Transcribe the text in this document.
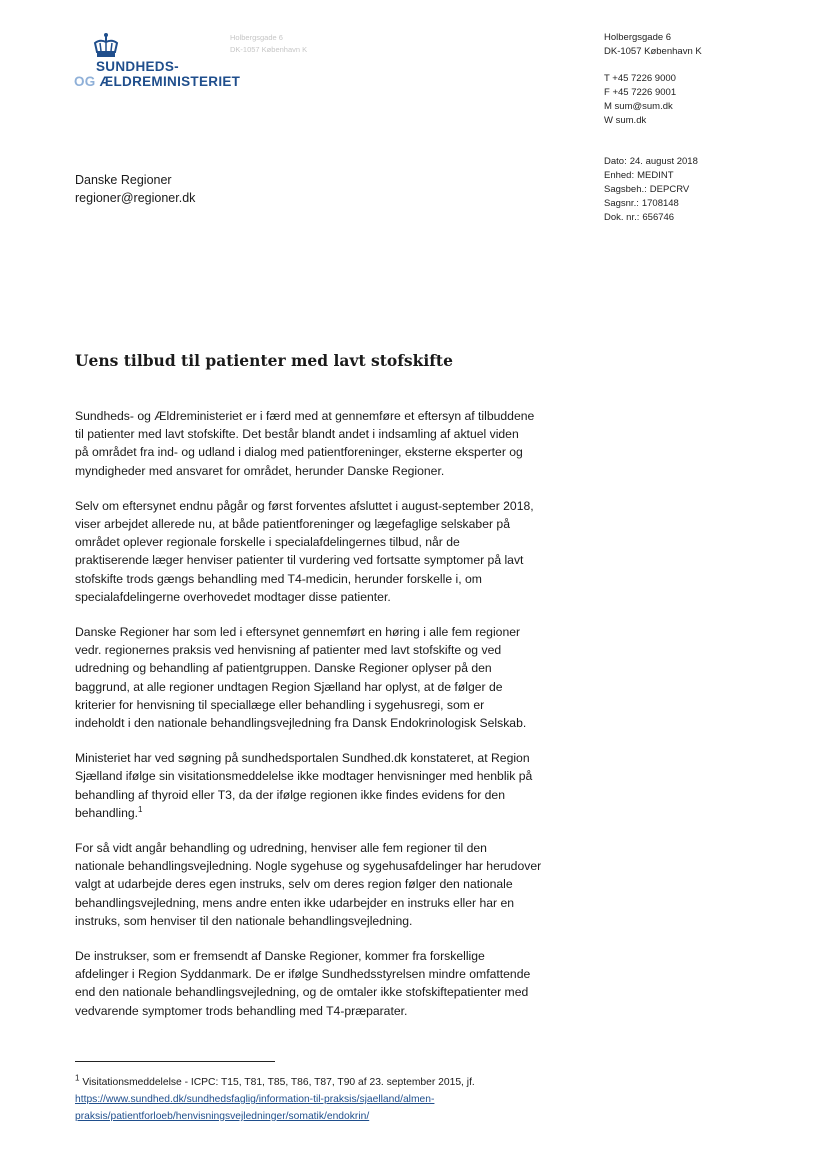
SUNDHEDS-
OG ÆLDREMINISTERIET
Holbergsgade 6
DK-1057 København K
Holbergsgade 6
DK-1057 København K
T +45 7226 9000
F +45 7226 9001
M sum@sum.dk
W sum.dk
Dato: 24. august 2018
Enhed: MEDINT
Sagsbeh.: DEPCRV
Sagsnr.: 1708148
Dok. nr.: 656746
Danske Regioner
regioner@regioner.dk
Uens tilbud til patienter med lavt stofskifte
Sundheds- og Ældreministeriet er i færd med at gennemføre et eftersyn af tilbuddene
til patienter med lavt stofskifte. Det består blandt andet i indsamling af aktuel viden
på området fra ind- og udland i dialog med patientforeninger, eksterne eksperter og
myndigheder med ansvaret for området, herunder Danske Regioner.
Selv om eftersynet endnu pågår og først forventes afsluttet i august-september 2018,
viser arbejdet allerede nu, at både patientforeninger og lægefaglige selskaber på
området oplever regionale forskelle i specialafdelingernes tilbud, når de
praktiserende læger henviser patienter til vurdering ved fortsatte symptomer på lavt
stofskifte trods gængs behandling med T4-medicin, herunder forskelle i, om
specialafdelingerne overhovedet modtager disse patienter.
Danske Regioner har som led i eftersynet gennemført en høring i alle fem regioner
vedr. regionernes praksis ved henvisning af patienter med lavt stofskifte og ved
udredning og behandling af patientgruppen. Danske Regioner oplyser på den
baggrund, at alle regioner undtagen Region Sjælland har oplyst, at de følger de
kriterier for henvisning til speciallæge eller behandling i sygehusregi, som er
indeholdt i den nationale behandlingsvejledning fra Dansk Endokrinologisk Selskab.
Ministeriet har ved søgning på sundhedsportalen Sundhed.dk konstateret, at Region
Sjælland ifølge sin visitationsmeddelelse ikke modtager henvisninger med henblik på
behandling af thyroid eller T3, da der ifølge regionen ikke findes evidens for den
behandling.$^1$
For så vidt angår behandling og udredning, henviser alle fem regioner til den
nationale behandlingsvejledning. Nogle sygehuse og sygehusafdelinger har herudover
valgt at udarbejde deres egen instruks, selv om deres region følger den nationale
behandlingsvejledning, mens andre enten ikke udarbejder en instruks eller har en
instruks, som henviser til den nationale behandlingsvejledning.
De instrukser, som er fremsendt af Danske Regioner, kommer fra forskellige
afdelinger i Region Syddanmark. De er ifølge Sundhedsstyrelsen mindre omfattende
end den nationale behandlingsvejledning, og de omtaler ikke stofskiftepatienter med
vedvarende symptomer trods behandling med T4-præparater.
$^1$ Visitationsmeddelelse - ICPC: T15, T81, T85, T86, T87, T90 af 23. september 2015, jf.
https://www.sundhed.dk/sundhedsfaglig/information-til-praksis/sjaelland/almen-
praksis/patientforloeb/henvisningsvejledninger/somatik/endokrin/
